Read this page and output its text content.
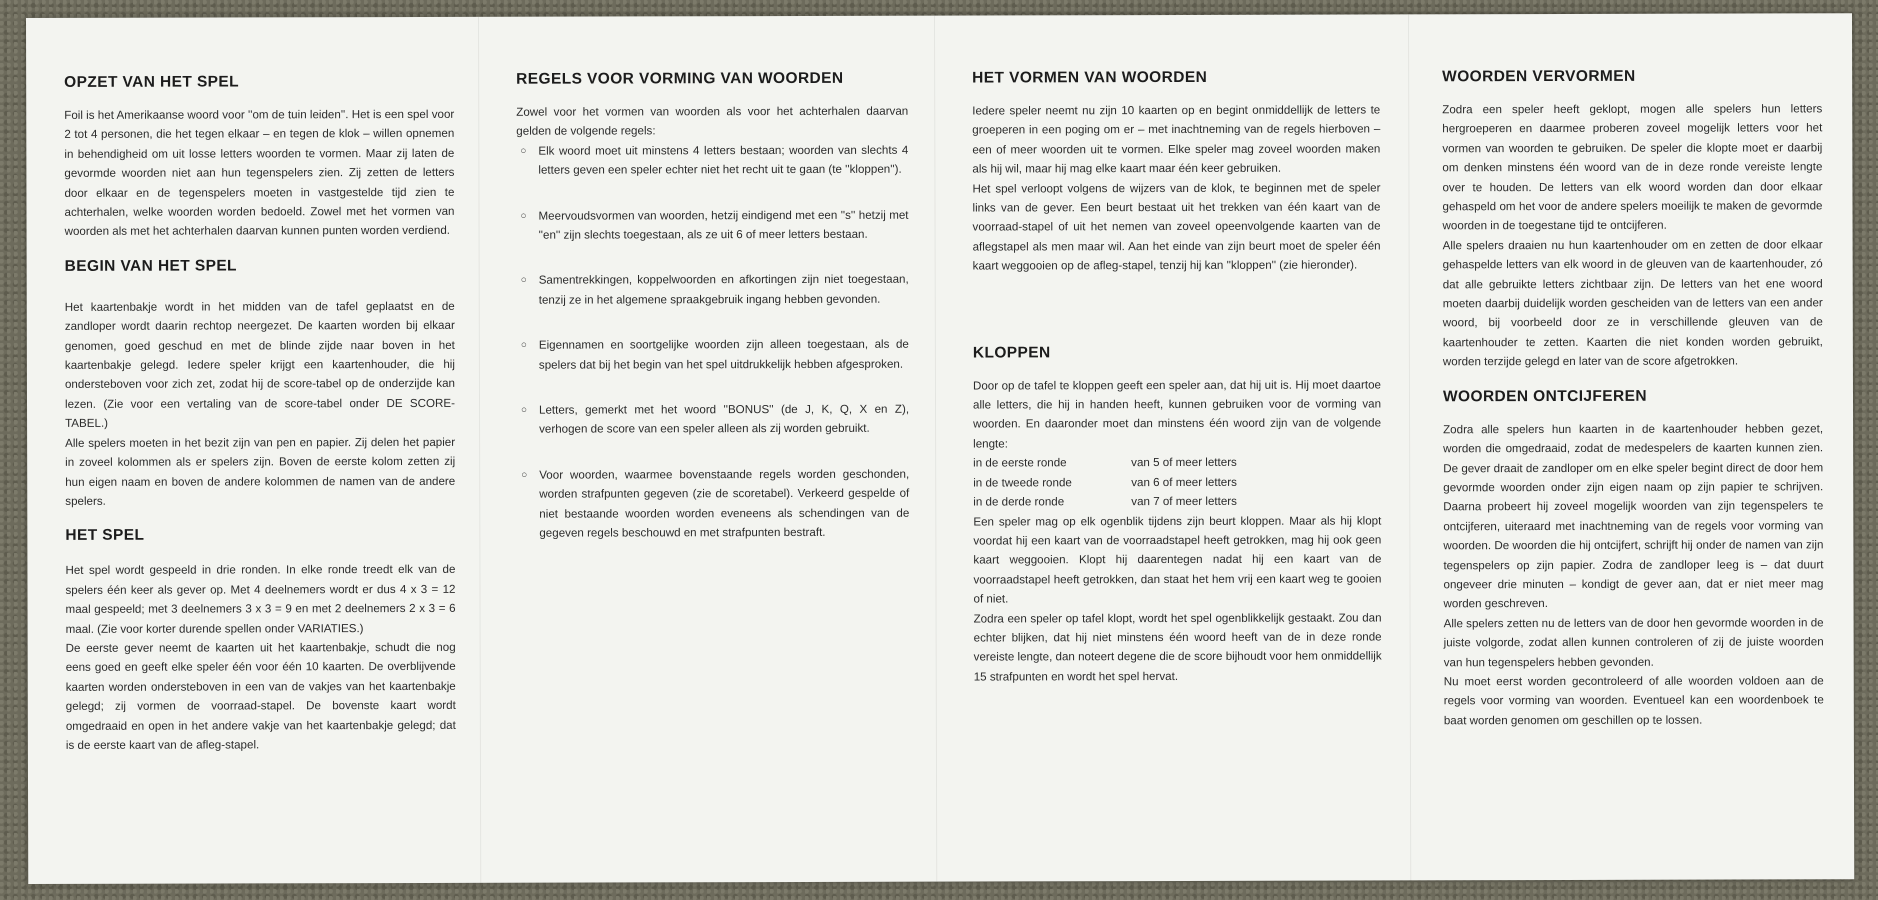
OPZET VAN HET SPEL

Foil is het Amerikaanse woord voor ''om de tuin leiden''. Het is een spel voor 2 tot 4 personen, die het tegen elkaar – en tegen de klok – willen opnemen in behendigheid om uit losse letters woorden te vormen. Maar zij laten de gevormde woorden niet aan hun tegenspelers zien. Zij zetten de letters door elkaar en de tegenspelers moeten in vastgestelde tijd zien te achterhalen, welke woorden worden bedoeld. Zowel met het vormen van woorden als met het achterhalen daarvan kunnen punten worden verdiend.

BEGIN VAN HET SPEL

Het kaartenbakje wordt in het midden van de tafel geplaatst en de zandloper wordt daarin rechtop neergezet. De kaarten worden bij elkaar genomen, goed geschud en met de blinde zijde naar boven in het kaartenbakje gelegd. Iedere speler krijgt een kaartenhouder, die hij ondersteboven voor zich zet, zodat hij de score-tabel op de onderzijde kan lezen. (Zie voor een vertaling van de score-tabel onder DE SCORE-TABEL.)

Alle spelers moeten in het bezit zijn van pen en papier. Zij delen het papier in zoveel kolommen als er spelers zijn. Boven de eerste kolom zetten zij hun eigen naam en boven de andere kolommen de namen van de andere spelers.

HET SPEL

Het spel wordt gespeeld in drie ronden. In elke ronde treedt elk van de spelers één keer als gever op. Met 4 deelnemers wordt er dus 4 x 3 = 12 maal gespeeld; met 3 deelnemers 3 x 3 = 9 en met 2 deelnemers 2 x 3 = 6 maal. (Zie voor korter durende spellen onder VARIATIES.)

De eerste gever neemt de kaarten uit het kaartenbakje, schudt die nog eens goed en geeft elke speler één voor één 10 kaarten. De overblijvende kaarten worden ondersteboven in een van de vakjes van het kaartenbakje gelegd; zij vormen de voorraad-stapel. De bovenste kaart wordt omgedraaid en open in het andere vakje van het kaartenbakje gelegd; dat is de eerste kaart van de afleg-stapel.

REGELS VOOR VORMING VAN WOORDEN

Zowel voor het vormen van woorden als voor het achterhalen daarvan gelden de volgende regels:

○ Elk woord moet uit minstens 4 letters bestaan; woorden van slechts 4 letters geven een speler echter niet het recht uit te gaan (te ''kloppen'').

○ Meervoudsvormen van woorden, hetzij eindigend met een ''s'' hetzij met ''en'' zijn slechts toegestaan, als ze uit 6 of meer letters bestaan.

○ Samentrekkingen, koppelwoorden en afkortingen zijn niet toegestaan, tenzij ze in het algemene spraakgebruik ingang hebben gevonden.

○ Eigennamen en soortgelijke woorden zijn alleen toegestaan, als de spelers dat bij het begin van het spel uitdrukkelijk hebben afgesproken.

○ Letters, gemerkt met het woord ''BONUS'' (de J, K, Q, X en Z), verhogen de score van een speler alleen als zij worden gebruikt.

○ Voor woorden, waarmee bovenstaande regels worden geschonden, worden strafpunten gegeven (zie de scoretabel). Verkeerd gespelde of niet bestaande woorden worden eveneens als schendingen van de gegeven regels beschouwd en met strafpunten bestraft.

HET VORMEN VAN WOORDEN

Iedere speler neemt nu zijn 10 kaarten op en begint onmiddellijk de letters te groeperen in een poging om er – met inachtneming van de regels hierboven – een of meer woorden uit te vormen. Elke speler mag zoveel woorden maken als hij wil, maar hij mag elke kaart maar één keer gebruiken.

Het spel verloopt volgens de wijzers van de klok, te beginnen met de speler links van de gever. Een beurt bestaat uit het trekken van één kaart van de voorraad-stapel of uit het nemen van zoveel opeenvolgende kaarten van de aflegstapel als men maar wil. Aan het einde van zijn beurt moet de speler één kaart weggooien op de afleg-stapel, tenzij hij kan ''kloppen'' (zie hieronder).

KLOPPEN

Door op de tafel te kloppen geeft een speler aan, dat hij uit is. Hij moet daartoe alle letters, die hij in handen heeft, kunnen gebruiken voor de vorming van woorden. En daaronder moet dan minstens één woord zijn van de volgende lengte:

in de eerste ronde	van 5 of meer letters
in de tweede ronde	van 6 of meer letters
in de derde ronde	van 7 of meer letters

Een speler mag op elk ogenblik tijdens zijn beurt kloppen. Maar als hij klopt voordat hij een kaart van de voorraadstapel heeft getrokken, mag hij ook geen kaart weggooien. Klopt hij daarentegen nadat hij een kaart van de voorraadstapel heeft getrokken, dan staat het hem vrij een kaart weg te gooien of niet.

Zodra een speler op tafel klopt, wordt het spel ogenblikkelijk gestaakt. Zou dan echter blijken, dat hij niet minstens één woord heeft van de in deze ronde vereiste lengte, dan noteert degene die de score bijhoudt voor hem onmiddellijk 15 strafpunten en wordt het spel hervat.

WOORDEN VERVORMEN

Zodra een speler heeft geklopt, mogen alle spelers hun letters hergroeperen en daarmee proberen zoveel mogelijk letters voor het vormen van woorden te gebruiken. De speler die klopte moet er daarbij om denken minstens één woord van de in deze ronde vereiste lengte over te houden. De letters van elk woord worden dan door elkaar gehaspeld om het voor de andere spelers moeilijk te maken de gevormde woorden in de toegestane tijd te ontcijferen.

Alle spelers draaien nu hun kaartenhouder om en zetten de door elkaar gehaspelde letters van elk woord in de gleuven van de kaartenhouder, zó dat alle gebruikte letters zichtbaar zijn. De letters van het ene woord moeten daarbij duidelijk worden gescheiden van de letters van een ander woord, bij voorbeeld door ze in verschillende gleuven van de kaartenhouder te zetten. Kaarten die niet konden worden gebruikt, worden terzijde gelegd en later van de score afgetrokken.

WOORDEN ONTCIJFEREN

Zodra alle spelers hun kaarten in de kaartenhouder hebben gezet, worden die omgedraaid, zodat de medespelers de kaarten kunnen zien. De gever draait de zandloper om en elke speler begint direct de door hem gevormde woorden onder zijn eigen naam op zijn papier te schrijven. Daarna probeert hij zoveel mogelijk woorden van zijn tegenspelers te ontcijferen, uiteraard met inachtneming van de regels voor vorming van woorden. De woorden die hij ontcijfert, schrijft hij onder de namen van zijn tegenspelers op zijn papier. Zodra de zandloper leeg is – dat duurt ongeveer drie minuten – kondigt de gever aan, dat er niet meer mag worden geschreven.

Alle spelers zetten nu de letters van de door hen gevormde woorden in de juiste volgorde, zodat allen kunnen controleren of zij de juiste woorden van hun tegenspelers hebben gevonden.

Nu moet eerst worden gecontroleerd of alle woorden voldoen aan de regels voor vorming van woorden. Eventueel kan een woordenboek te baat worden genomen om geschillen op te lossen.
